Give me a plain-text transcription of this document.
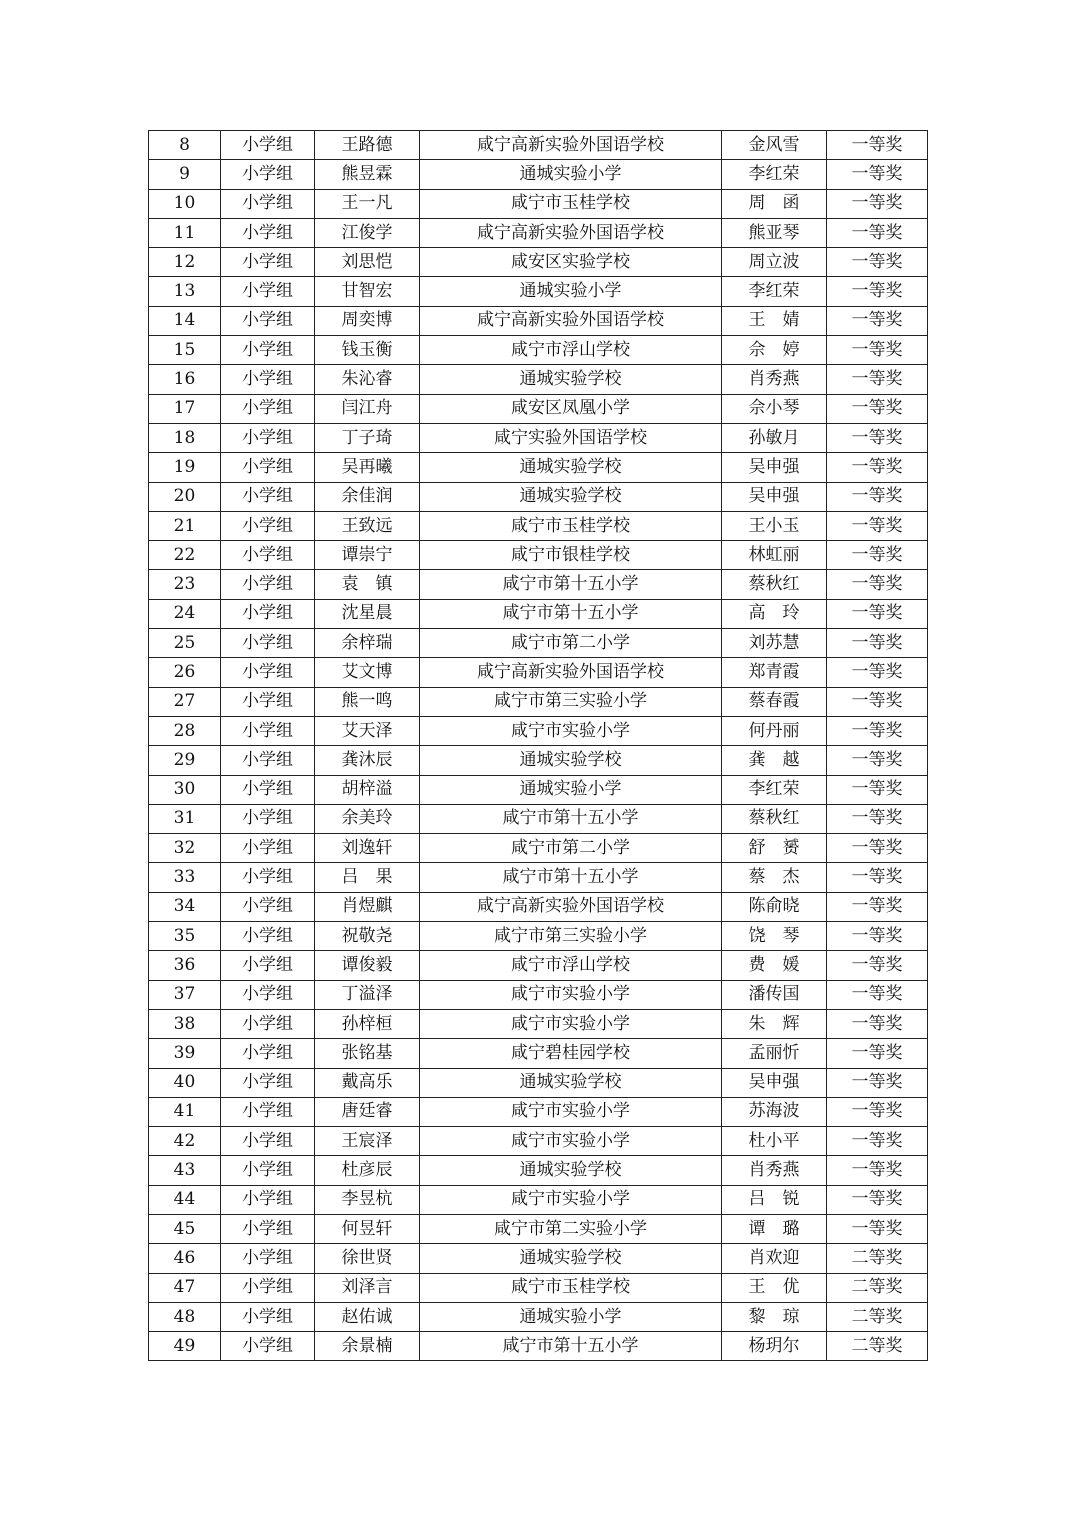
8	小学组	王路德	咸宁高新实验外国语学校	金风雪	一等奖
9	小学组	熊昱霖	通城实验小学	李红荣	一等奖
10	小学组	王一凡	咸宁市玉桂学校	周　函	一等奖
11	小学组	江俊学	咸宁高新实验外国语学校	熊亚琴	一等奖
12	小学组	刘思恺	咸安区实验学校	周立波	一等奖
13	小学组	甘智宏	通城实验小学	李红荣	一等奖
14	小学组	周奕博	咸宁高新实验外国语学校	王　婧	一等奖
15	小学组	钱玉衡	咸宁市浮山学校	佘　婷	一等奖
16	小学组	朱沁睿	通城实验学校	肖秀燕	一等奖
17	小学组	闫江舟	咸安区凤凰小学	佘小琴	一等奖
18	小学组	丁子琦	咸宁实验外国语学校	孙敏月	一等奖
19	小学组	吴再曦	通城实验学校	吴申强	一等奖
20	小学组	余佳润	通城实验学校	吴申强	一等奖
21	小学组	王致远	咸宁市玉桂学校	王小玉	一等奖
22	小学组	谭崇宁	咸宁市银桂学校	林虹丽	一等奖
23	小学组	袁　镇	咸宁市第十五小学	蔡秋红	一等奖
24	小学组	沈星晨	咸宁市第十五小学	高　玲	一等奖
25	小学组	余梓瑞	咸宁市第二小学	刘苏慧	一等奖
26	小学组	艾文博	咸宁高新实验外国语学校	郑青霞	一等奖
27	小学组	熊一鸣	咸宁市第三实验小学	蔡春霞	一等奖
28	小学组	艾天泽	咸宁市实验小学	何丹丽	一等奖
29	小学组	龚沐辰	通城实验学校	龚　越	一等奖
30	小学组	胡梓溢	通城实验小学	李红荣	一等奖
31	小学组	余美玲	咸宁市第十五小学	蔡秋红	一等奖
32	小学组	刘逸轩	咸宁市第二小学	舒　赟	一等奖
33	小学组	吕　果	咸宁市第十五小学	蔡　杰	一等奖
34	小学组	肖煜麒	咸宁高新实验外国语学校	陈俞晓	一等奖
35	小学组	祝敬尧	咸宁市第三实验小学	饶　琴	一等奖
36	小学组	谭俊毅	咸宁市浮山学校	费　媛	一等奖
37	小学组	丁溢泽	咸宁市实验小学	潘传国	一等奖
38	小学组	孙梓桓	咸宁市实验小学	朱　辉	一等奖
39	小学组	张铭基	咸宁碧桂园学校	孟丽忻	一等奖
40	小学组	戴高乐	通城实验学校	吴申强	一等奖
41	小学组	唐廷睿	咸宁市实验小学	苏海波	一等奖
42	小学组	王宸泽	咸宁市实验小学	杜小平	一等奖
43	小学组	杜彦辰	通城实验学校	肖秀燕	一等奖
44	小学组	李昱杭	咸宁市实验小学	吕　锐	一等奖
45	小学组	何昱轩	咸宁市第二实验小学	谭　璐	一等奖
46	小学组	徐世贤	通城实验学校	肖欢迎	二等奖
47	小学组	刘泽言	咸宁市玉桂学校	王　优	二等奖
48	小学组	赵佑诚	通城实验小学	黎　琼	二等奖
49	小学组	余景楠	咸宁市第十五小学	杨玥尔	二等奖
